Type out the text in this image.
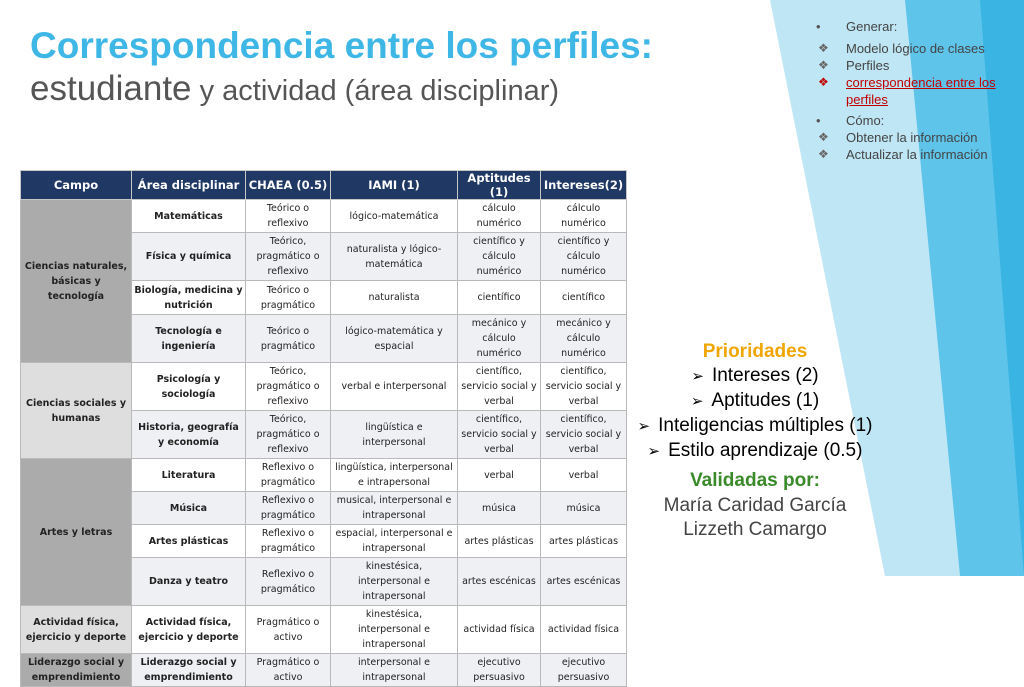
Correspondencia entre los perfiles:
estudiante y actividad (área disciplinar)
•	Generar:
❖	Modelo lógico de clases
❖	Perfiles
❖	correspondencia entre los perfiles
•	Cómo:
❖	Obtener la información
❖	Actualizar la información
Campo	Área disciplinar	CHAEA (0.5)	IAMI (1)	Aptitudes (1)	Intereses(2)
Ciencias naturales, básicas y tecnología	Matemáticas	Teórico o reflexivo	lógico-matemática	cálculo numérico	cálculo numérico
	Física y química	Teórico, pragmático o reflexivo	naturalista y lógico-matemática	científico y cálculo numérico	científico y cálculo numérico
	Biología, medicina y nutrición	Teórico o pragmático	naturalista	científico	científico
	Tecnología e ingeniería	Teórico o pragmático	lógico-matemática y espacial	mecánico y cálculo numérico	mecánico y cálculo numérico
Ciencias sociales y humanas	Psicología y sociología	Teórico, pragmático o reflexivo	verbal e interpersonal	científico, servicio social y verbal	científico, servicio social y verbal
	Historia, geografía y economía	Teórico, pragmático o reflexivo	lingüística e interpersonal	científico, servicio social y verbal	científico, servicio social y verbal
Artes y letras	Literatura	Reflexivo o pragmático	lingüística, interpersonal e intrapersonal	verbal	verbal
	Música	Reflexivo o pragmático	musical, interpersonal e intrapersonal	música	música
	Artes plásticas	Reflexivo o pragmático	espacial, interpersonal e intrapersonal	artes plásticas	artes plásticas
	Danza y teatro	Reflexivo o pragmático	kinestésica, interpersonal e intrapersonal	artes escénicas	artes escénicas
Actividad física, ejercicio y deporte	Actividad física, ejercicio y deporte	Pragmático o activo	kinestésica, interpersonal e intrapersonal	actividad física	actividad física
Liderazgo social y emprendimiento	Liderazgo social y emprendimiento	Pragmático o activo	interpersonal e intrapersonal	ejecutivo persuasivo	ejecutivo persuasivo
Prioridades
➢ Intereses (2)
➢ Aptitudes (1)
➢ Inteligencias múltiples (1)
➢ Estilo aprendizaje (0.5)
Validadas por:
María Caridad García
Lizzeth Camargo
